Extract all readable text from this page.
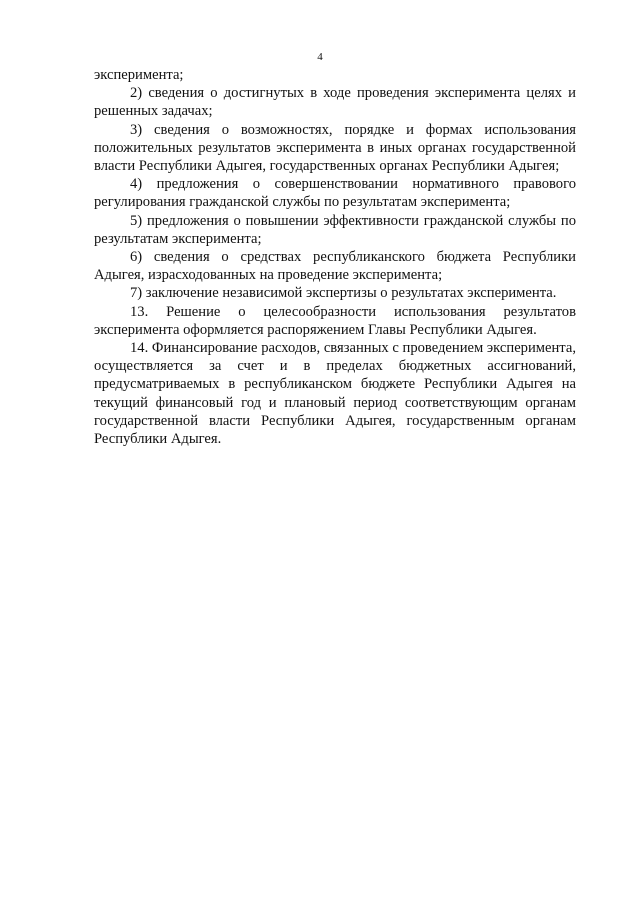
4

эксперимента;

2) сведения о достигнутых в ходе проведения эксперимента целях и решенных задачах;

3) сведения о возможностях, порядке и формах использования положительных результатов эксперимента в иных органах государственной власти Республики Адыгея, государственных органах Республики Адыгея;

4) предложения о совершенствовании нормативного правового регулирования гражданской службы по результатам эксперимента;

5) предложения о повышении эффективности гражданской службы по результатам эксперимента;

6) сведения о средствах республиканского бюджета Республики Адыгея, израсходованных на проведение эксперимента;

7) заключение независимой экспертизы о результатах эксперимента.

13. Решение о целесообразности использования результатов эксперимента оформляется распоряжением Главы Республики Адыгея.

14. Финансирование расходов, связанных с проведением эксперимента, осуществляется за счет и в пределах бюджетных ассигнований, предусматриваемых в республиканском бюджете Республики Адыгея на текущий финансовый год и плановый период соответствующим органам государственной власти Республики Адыгея, государственным органам Республики Адыгея.
